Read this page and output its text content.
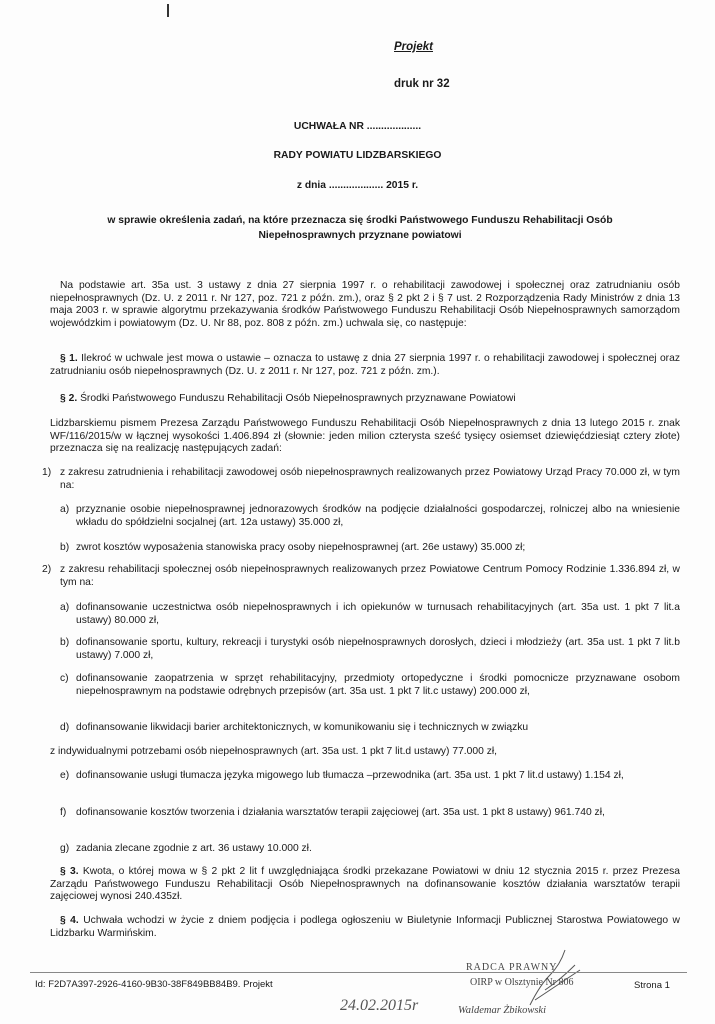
Projekt
druk nr 32
UCHWAŁA NR ...................
RADY POWIATU LIDZBARSKIEGO
z dnia ................... 2015 r.
w sprawie określenia zadań, na które przeznacza się środki Państwowego Funduszu Rehabilitacji Osób
Niepełnosprawnych przyznane powiatowi
Na podstawie art. 35a ust. 3 ustawy z dnia 27 sierpnia 1997 r. o rehabilitacji zawodowej i społecznej oraz zatrudnianiu osób niepełnosprawnych (Dz. U. z 2011 r. Nr 127, poz. 721 z późn. zm.), oraz § 2 pkt 2 i § 7 ust. 2 Rozporządzenia Rady Ministrów z dnia 13 maja 2003 r. w sprawie algorytmu przekazywania środków Państwowego Funduszu Rehabilitacji Osób Niepełnosprawnych samorządom wojewódzkim i powiatowym (Dz. U. Nr 88, poz. 808 z późn. zm.) uchwala się, co następuje:
§ 1. Ilekroć w uchwale jest mowa o ustawie – oznacza to ustawę z dnia 27 sierpnia 1997 r. o rehabilitacji zawodowej i społecznej oraz zatrudnianiu osób niepełnosprawnych (Dz. U. z 2011 r. Nr 127, poz. 721 z późn. zm.).
§ 2. Środki Państwowego Funduszu Rehabilitacji Osób Niepełnosprawnych przyznawane Powiatowi
Lidzbarskiemu pismem Prezesa Zarządu Państwowego Funduszu Rehabilitacji Osób Niepełnosprawnych z dnia 13 lutego 2015 r. znak WF/116/2015/w w łącznej wysokości 1.406.894 zł (słownie: jeden milion czterysta sześć tysięcy osiemset dziewięćdziesiąt cztery złote) przeznacza się na realizację następujących zadań:
1) z zakresu zatrudnienia i rehabilitacji zawodowej osób niepełnosprawnych realizowanych przez Powiatowy Urząd Pracy 70.000 zł, w tym na:
a) przyznanie osobie niepełnosprawnej jednorazowych środków na podjęcie działalności gospodarczej, rolniczej albo na wniesienie wkładu do spółdzielni socjalnej (art. 12a ustawy) 35.000 zł,
b) zwrot kosztów wyposażenia stanowiska pracy osoby niepełnosprawnej (art. 26e ustawy) 35.000 zł;
2) z zakresu rehabilitacji społecznej osób niepełnosprawnych realizowanych przez Powiatowe Centrum Pomocy Rodzinie 1.336.894 zł, w tym na:
a) dofinansowanie uczestnictwa osób niepełnosprawnych i ich opiekunów w turnusach rehabilitacyjnych (art. 35a ust. 1 pkt 7 lit.a ustawy) 80.000 zł,
b) dofinansowanie sportu, kultury, rekreacji i turystyki osób niepełnosprawnych dorosłych, dzieci i młodzieży (art. 35a ust. 1 pkt 7 lit.b ustawy) 7.000 zł,
c) dofinansowanie zaopatrzenia w sprzęt rehabilitacyjny, przedmioty ortopedyczne i środki pomocnicze przyznawane osobom niepełnosprawnym na podstawie odrębnych przepisów (art. 35a ust. 1 pkt 7 lit.c ustawy) 200.000 zł,
d) dofinansowanie likwidacji barier architektonicznych, w komunikowaniu się i technicznych w związku
z indywidualnymi potrzebami osób niepełnosprawnych (art. 35a ust. 1 pkt 7 lit.d ustawy) 77.000 zł,
e) dofinansowanie usługi tłumacza języka migowego lub tłumacza –przewodnika (art. 35a ust. 1 pkt 7 lit.d ustawy) 1.154 zł,
f) dofinansowanie kosztów tworzenia i działania warsztatów terapii zajęciowej (art. 35a ust. 1 pkt 8 ustawy) 961.740 zł,
g) zadania zlecane zgodnie z art. 36 ustawy 10.000 zł.
§ 3. Kwota, o której mowa w § 2 pkt 2 lit f uwzględniająca środki przekazane Powiatowi w dniu 12 stycznia 2015 r. przez Prezesa Zarządu Państwowego Funduszu Rehabilitacji Osób Niepełnosprawnych na dofinansowanie kosztów działania warsztatów terapii zajęciowej wynosi 240.435zł.
§ 4. Uchwała wchodzi w życie z dniem podjęcia i podlega ogłoszeniu w Biuletynie Informacji Publicznej Starostwa Powiatowego w Lidzbarku Warmińskim.
RADCA PRAWNY
OIRP w Olsztynie Nr 806
24.02.2015r	Waldemar Żbikowski
Id: F2D7A397-2926-4160-9B30-38F849BB84B9. Projekt	Strona 1
